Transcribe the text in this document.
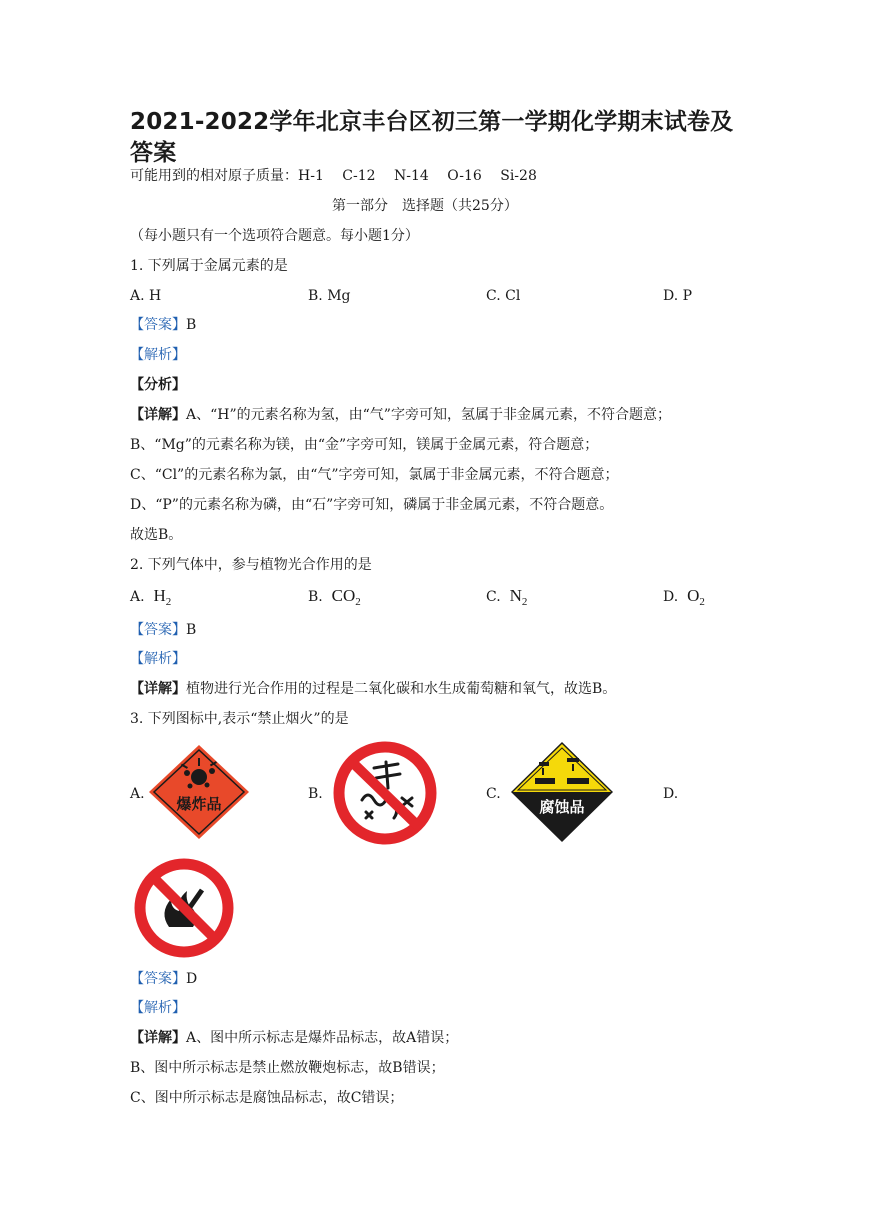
2021-2022学年北京丰台区初三第一学期化学期末试卷及答案
可能用到的相对原子质量：H-1　 C-12　 N-14　 O-16　 Si-28
第一部分　选择题（共25分）
（每小题只有一个选项符合题意。每小题1分）
1. 下列属于金属元素的是
A. H	B. Mg	C. Cl	D. P
【答案】B
【解析】
【分析】
【详解】A、“H”的元素名称为氢，由“气”字旁可知，氢属于非金属元素，不符合题意；
B、“Mg”的元素名称为镁，由“金”字旁可知，镁属于金属元素，符合题意；
C、“Cl”的元素名称为氯，由“气”字旁可知，氯属于非金属元素，不符合题意；
D、“P”的元素名称为磷，由“石”字旁可知，磷属于非金属元素，不符合题意。
故选B。
2. 下列气体中，参与植物光合作用的是
A. $H_2$	B. $CO_2$	C. $N_2$	D. $O_2$
【答案】B
【解析】
【详解】植物进行光合作用的过程是二氧化碳和水生成葡萄糖和氧气，故选B。
3. 下列图标中,表示“禁止烟火”的是
A.	B.	C.	D.
爆炸品	腐蚀品
【答案】D
【解析】
【详解】A、图中所示标志是爆炸品标志，故A错误；
B、图中所示标志是禁止燃放鞭炮标志，故B错误；
C、图中所示标志是腐蚀品标志，故C错误；
